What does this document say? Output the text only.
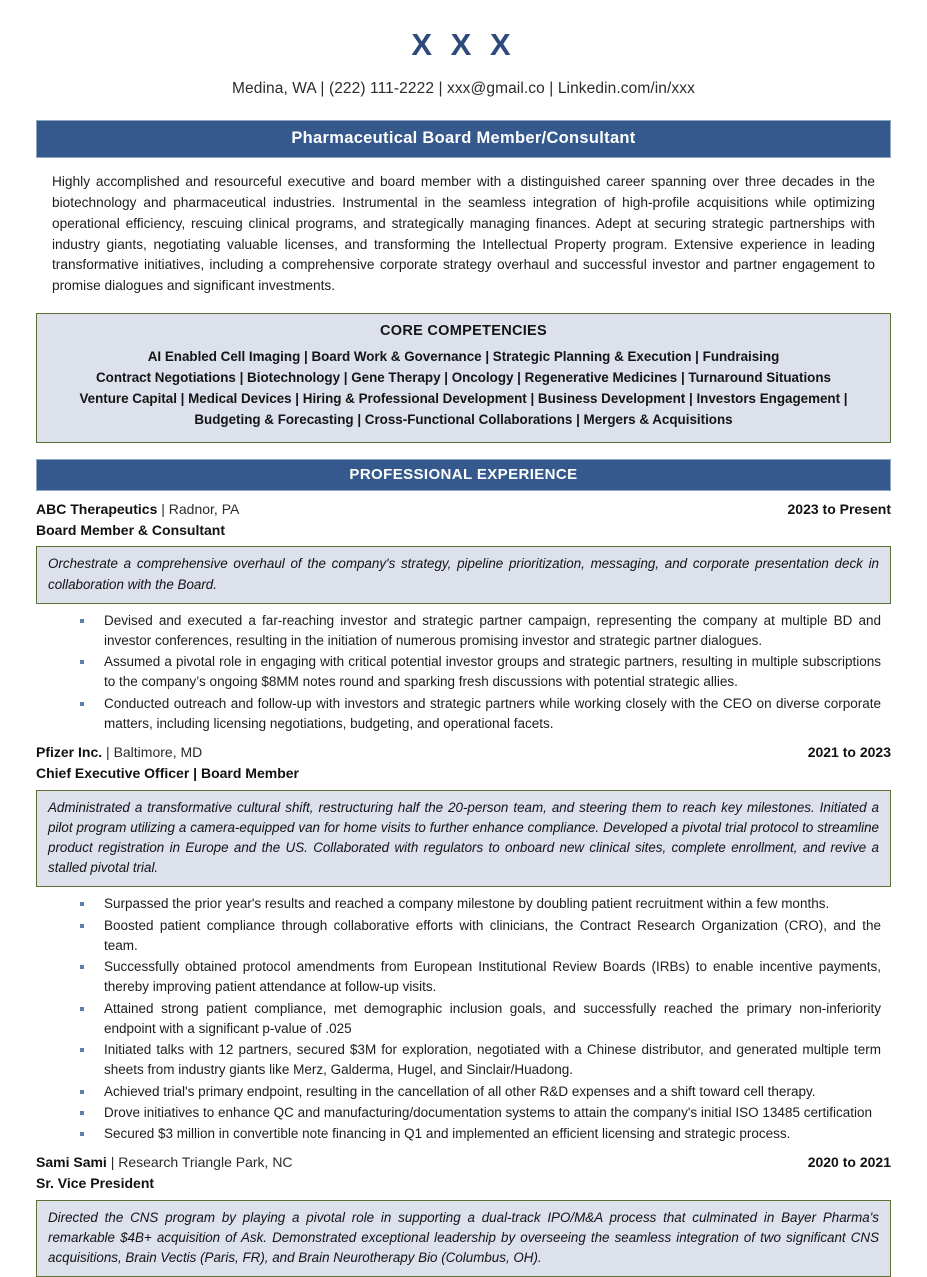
X X X
Medina, WA | (222) 111-2222 | xxx@gmail.co | Linkedin.com/in/xxx
Pharmaceutical Board Member/Consultant
Highly accomplished and resourceful executive and board member with a distinguished career spanning over three decades in the biotechnology and pharmaceutical industries. Instrumental in the seamless integration of high-profile acquisitions while optimizing operational efficiency, rescuing clinical programs, and strategically managing finances. Adept at securing strategic partnerships with industry giants, negotiating valuable licenses, and transforming the Intellectual Property program. Extensive experience in leading transformative initiatives, including a comprehensive corporate strategy overhaul and successful investor and partner engagement to promise dialogues and significant investments.
CORE COMPETENCIES
AI Enabled Cell Imaging | Board Work & Governance | Strategic Planning & Execution | Fundraising
Contract Negotiations | Biotechnology | Gene Therapy | Oncology | Regenerative Medicines | Turnaround Situations
Venture Capital | Medical Devices | Hiring & Professional Development | Business Development | Investors Engagement |
Budgeting & Forecasting | Cross-Functional Collaborations | Mergers & Acquisitions
PROFESSIONAL EXPERIENCE
ABC Therapeutics | Radnor, PA	2023 to Present
Board Member & Consultant
Orchestrate a comprehensive overhaul of the company's strategy, pipeline prioritization, messaging, and corporate presentation deck in collaboration with the Board.
Devised and executed a far-reaching investor and strategic partner campaign, representing the company at multiple BD and investor conferences, resulting in the initiation of numerous promising investor and strategic partner dialogues.
Assumed a pivotal role in engaging with critical potential investor groups and strategic partners, resulting in multiple subscriptions to the company’s ongoing $8MM notes round and sparking fresh discussions with potential strategic allies.
Conducted outreach and follow-up with investors and strategic partners while working closely with the CEO on diverse corporate matters, including licensing negotiations, budgeting, and operational facets.
Pfizer Inc. | Baltimore, MD	2021 to 2023
Chief Executive Officer | Board Member
Administrated a transformative cultural shift, restructuring half the 20-person team, and steering them to reach key milestones. Initiated a pilot program utilizing a camera-equipped van for home visits to further enhance compliance. Developed a pivotal trial protocol to streamline product registration in Europe and the US. Collaborated with regulators to onboard new clinical sites, complete enrollment, and revive a stalled pivotal trial.
Surpassed the prior year's results and reached a company milestone by doubling patient recruitment within a few months.
Boosted patient compliance through collaborative efforts with clinicians, the Contract Research Organization (CRO), and the team.
Successfully obtained protocol amendments from European Institutional Review Boards (IRBs) to enable incentive payments, thereby improving patient attendance at follow-up visits.
Attained strong patient compliance, met demographic inclusion goals, and successfully reached the primary non-inferiority endpoint with a significant p-value of .025
Initiated talks with 12 partners, secured $3M for exploration, negotiated with a Chinese distributor, and generated multiple term sheets from industry giants like Merz, Galderma, Hugel, and Sinclair/Huadong.
Achieved trial's primary endpoint, resulting in the cancellation of all other R&D expenses and a shift toward cell therapy.
Drove initiatives to enhance QC and manufacturing/documentation systems to attain the company's initial ISO 13485 certification
Secured $3 million in convertible note financing in Q1 and implemented an efficient licensing and strategic process.
Sami Sami | Research Triangle Park, NC	2020 to 2021
Sr. Vice President
Directed the CNS program by playing a pivotal role in supporting a dual-track IPO/M&A process that culminated in Bayer Pharma's remarkable $4B+ acquisition of Ask. Demonstrated exceptional leadership by overseeing the seamless integration of two significant CNS acquisitions, Brain Vectis (Paris, FR), and Brain Neurotherapy Bio (Columbus, OH).
